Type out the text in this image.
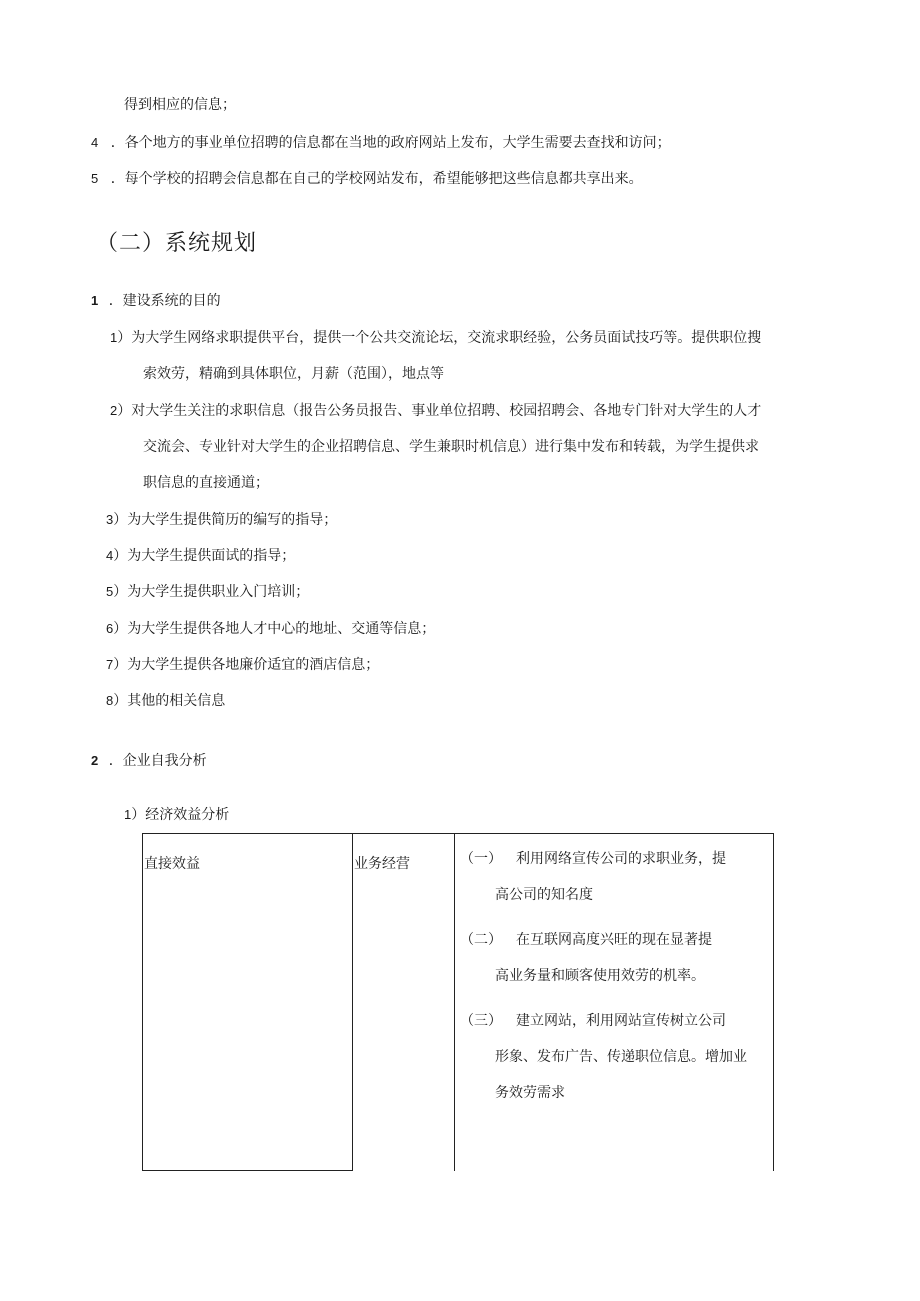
得到相应的信息；
4 ．各个地方的事业单位招聘的信息都在当地的政府网站上发布，大学生需要去查找和访问；
5 ．每个学校的招聘会信息都在自己的学校网站发布，希望能够把这些信息都共享出来。
（二）系统规划
1 ．建设系统的目的
1）为大学生网络求职提供平台，提供一个公共交流论坛，交流求职经验，公务员面试技巧等。提供职位搜
索效劳，精确到具体职位，月薪（范围），地点等
2）对大学生关注的求职信息（报告公务员报告、事业单位招聘、校园招聘会、各地专门针对大学生的人才
交流会、专业针对大学生的企业招聘信息、学生兼职时机信息）进行集中发布和转载，为学生提供求
职信息的直接通道；
3）为大学生提供简历的编写的指导；
4）为大学生提供面试的指导；
5）为大学生提供职业入门培训；
6）为大学生提供各地人才中心的地址、交通等信息；
7）为大学生提供各地廉价适宜的酒店信息；
8）其他的相关信息
2 ．企业自我分析
1）经济效益分析
直接效益	业务经营	（一） 利用网络宣传公司的求职业务，提
高公司的知名度
（二） 在互联网高度兴旺的现在显著提
高业务量和顾客使用效劳的机率。
（三） 建立网站，利用网站宣传树立公司
形象、发布广告、传递职位信息。增加业
务效劳需求
